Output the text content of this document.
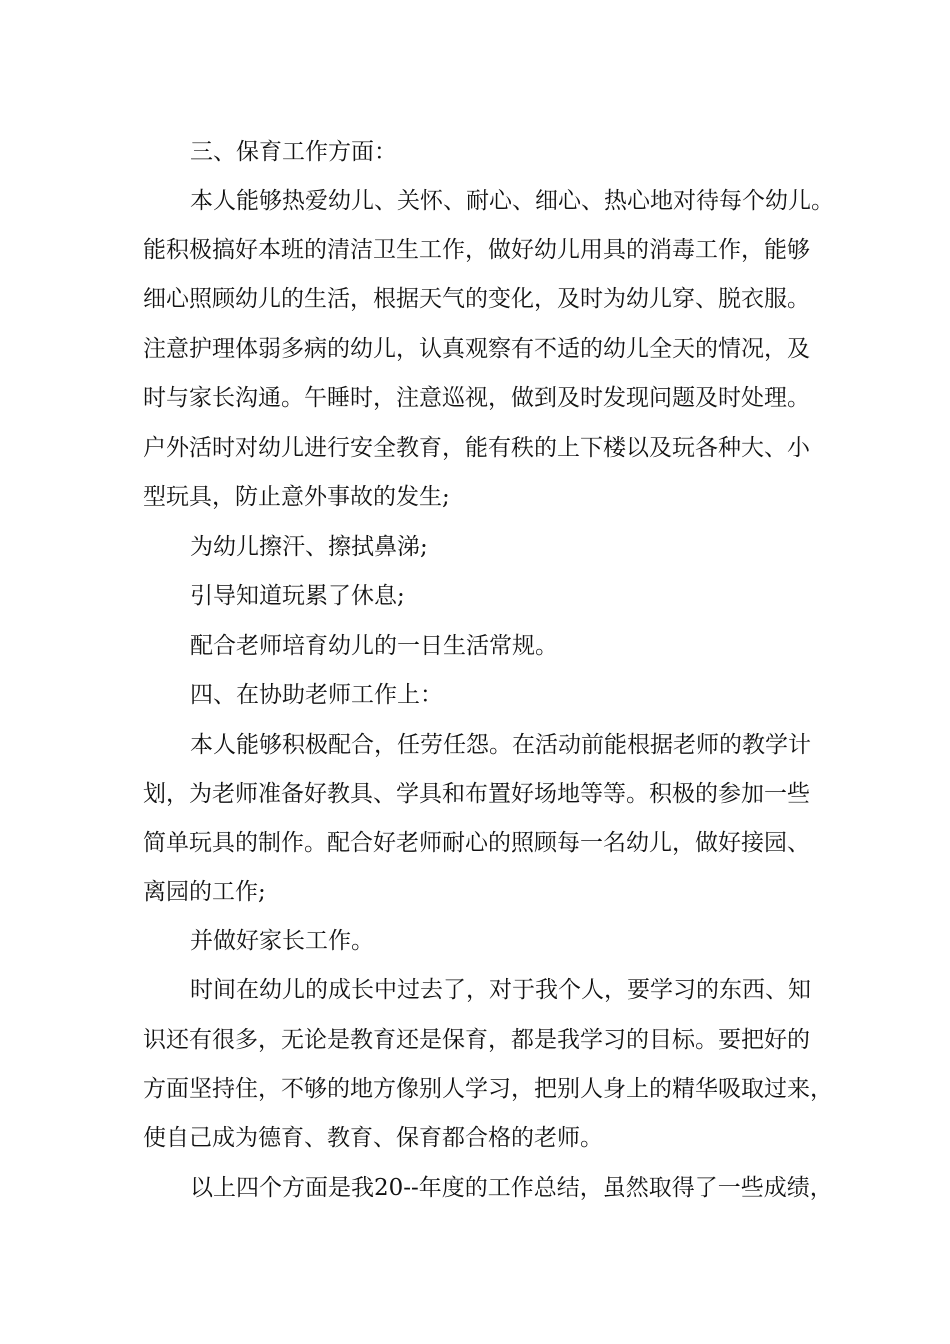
三、保育工作方面：
本人能够热爱幼儿、关怀、耐心、细心、热心地对待每个幼儿。
能积极搞好本班的清洁卫生工作，做好幼儿用具的消毒工作，能够
细心照顾幼儿的生活，根据天气的变化，及时为幼儿穿、脱衣服。
注意护理体弱多病的幼儿，认真观察有不适的幼儿全天的情况，及
时与家长沟通。午睡时，注意巡视，做到及时发现问题及时处理。
户外活时对幼儿进行安全教育，能有秩的上下楼以及玩各种大、小
型玩具，防止意外事故的发生;
为幼儿擦汗、擦拭鼻涕;
引导知道玩累了休息;
配合老师培育幼儿的一日生活常规。
四、在协助老师工作上：
本人能够积极配合，任劳任怨。在活动前能根据老师的教学计
划，为老师准备好教具、学具和布置好场地等等。积极的参加一些
简单玩具的制作。配合好老师耐心的照顾每一名幼儿，做好接园、
离园的工作;
并做好家长工作。
时间在幼儿的成长中过去了，对于我个人，要学习的东西、知
识还有很多，无论是教育还是保育，都是我学习的目标。要把好的
方面坚持住，不够的地方像别人学习，把别人身上的精华吸取过来，
使自己成为德育、教育、保育都合格的老师。
以上四个方面是我20--年度的工作总结，虽然取得了一些成绩，
